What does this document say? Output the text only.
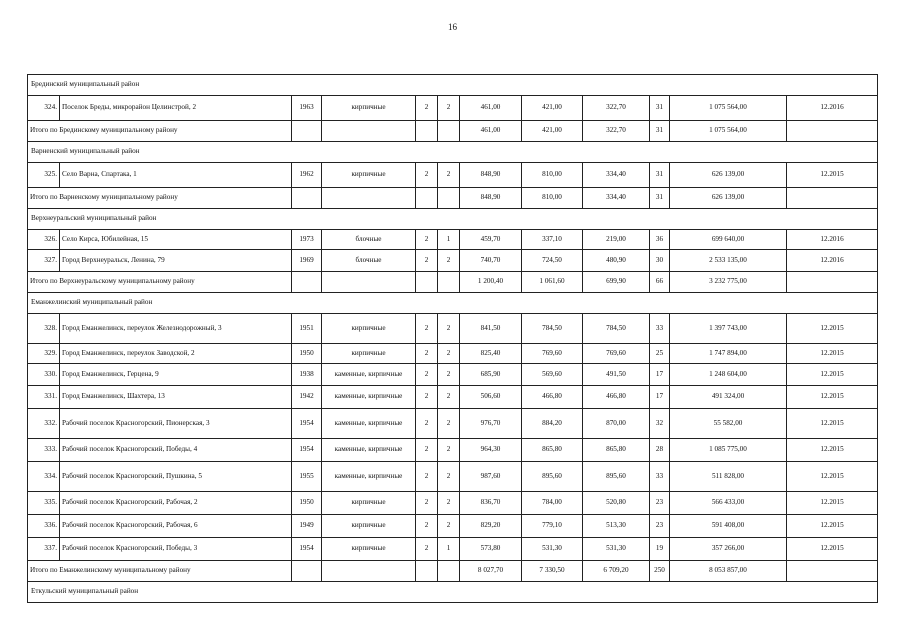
16
Брединский муниципальный район											
324.	Поселок Бреды, микрорайон Целинстрой, 2	1963	кирпичные	2	2	461,00	421,00	322,70	31	1 075 564,00	12.2016
Итого по Брединскому муниципальному району						461,00	421,00	322,70	31	1 075 564,00	
Варненский муниципальный район											
325.	Село Варна, Спартака, 1	1962	кирпичные	2	2	848,90	810,00	334,40	31	626 139,00	12.2015
Итого по Варненскому муниципальному району						848,90	810,00	334,40	31	626 139,00	
Верхнеуральский муниципальный район											
326.	Село Кирса, Юбилейная, 15	1973	блочные	2	1	459,70	337,10	219,00	36	699 640,00	12.2016
327.	Город Верхнеуральск, Ленина, 79	1969	блочные	2	2	740,70	724,50	480,90	30	2 533 135,00	12.2016
Итого по Верхнеуральскому муниципальному району						1 200,40	1 061,60	699,90	66	3 232 775,00	
Еманжелинский муниципальный район											
328.	Город Еманжелинск, переулок Железнодорожный, 3	1951	кирпичные	2	2	841,50	784,50	784,50	33	1 397 743,00	12.2015
329.	Город Еманжелинск, переулок Заводской, 2	1950	кирпичные	2	2	825,40	769,60	769,60	25	1 747 894,00	12.2015
330.	Город Еманжелинск, Герцена, 9	1938	каменные, кирпичные	2	2	685,90	569,60	491,50	17	1 248 604,00	12.2015
331.	Город Еманжелинск, Шахтера, 13	1942	каменные, кирпичные	2	2	506,60	466,80	466,80	17	491 324,00	12.2015
332.	Рабочий поселок Красногорский, Пионерская, 3	1954	каменные, кирпичные	2	2	976,70	884,20	870,00	32	55 582,00	12.2015
333.	Рабочий поселок Красногорский, Победы, 4	1954	каменные, кирпичные	2	2	964,30	865,80	865,80	28	1 085 775,00	12.2015
334.	Рабочий поселок Красногорский, Пушкина, 5	1955	каменные, кирпичные	2	2	987,60	895,60	895,60	33	511 828,00	12.2015
335.	Рабочий поселок Красногорский, Рабочая, 2	1950	кирпичные	2	2	836,70	784,00	520,80	23	566 433,00	12.2015
336.	Рабочий поселок Красногорский, Рабочая, 6	1949	кирпичные	2	2	829,20	779,10	513,30	23	591 408,00	12.2015
337.	Рабочий поселок Красногорский, Победы, 3	1954	кирпичные	2	1	573,80	531,30	531,30	19	357 266,00	12.2015
Итого по Еманжелинскому муниципальному району						8 027,70	7 330,50	6 709,20	250	8 053 857,00	
Еткульский муниципальный район											
